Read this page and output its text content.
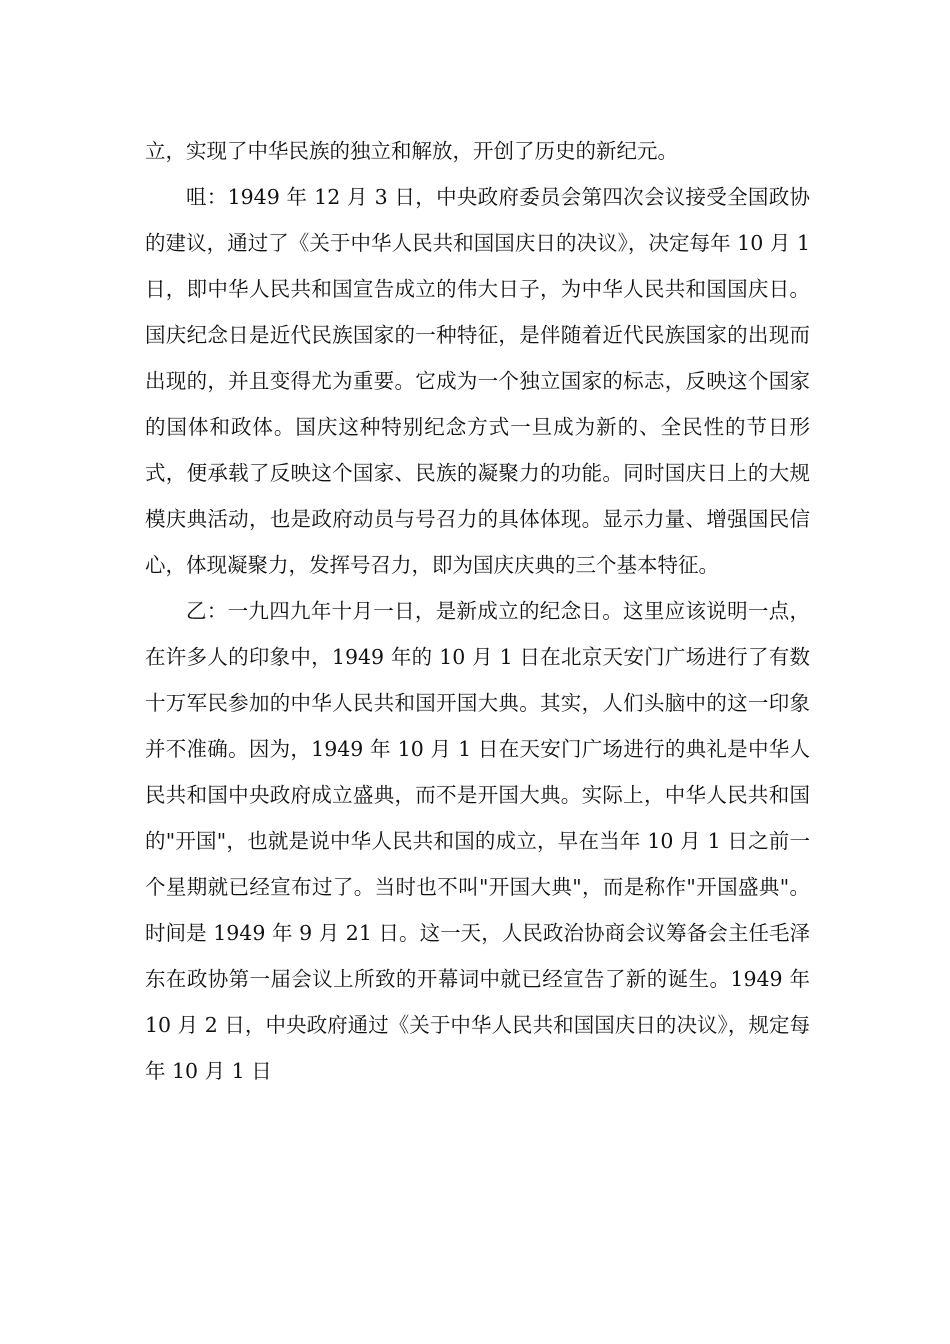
立，实现了中华民族的独立和解放，开创了历史的新纪元。

咀：1949 年 12 月 3 日，中央政府委员会第四次会议接受全国政协的建议，通过了《关于中华人民共和国国庆日的决议》，决定每年 10 月 1 日，即中华人民共和国宣告成立的伟大日子，为中华人民共和国国庆日。国庆纪念日是近代民族国家的一种特征，是伴随着近代民族国家的出现而出现的，并且变得尤为重要。它成为一个独立国家的标志，反映这个国家的国体和政体。国庆这种特别纪念方式一旦成为新的、全民性的节日形式，便承载了反映这个国家、民族的凝聚力的功能。同时国庆日上的大规模庆典活动，也是政府动员与号召力的具体体现。显示力量、增强国民信心，体现凝聚力，发挥号召力，即为国庆庆典的三个基本特征。

乙：一九四九年十月一日，是新成立的纪念日。这里应该说明一点，在许多人的印象中，1949 年的 10 月 1 日在北京天安门广场进行了有数十万军民参加的中华人民共和国开国大典。其实，人们头脑中的这一印象并不准确。因为，1949 年 10 月 1 日在天安门广场进行的典礼是中华人民共和国中央政府成立盛典，而不是开国大典。实际上，中华人民共和国的"开国"，也就是说中华人民共和国的成立，早在当年 10 月 1 日之前一个星期就已经宣布过了。当时也不叫"开国大典"，而是称作"开国盛典"。时间是 1949 年 9 月 21 日。这一天，人民政治协商会议筹备会主任毛泽东在政协第一届会议上所致的开幕词中就已经宣告了新的诞生。1949 年 10 月 2 日，中央政府通过《关于中华人民共和国国庆日的决议》，规定每年 10 月 1 日
